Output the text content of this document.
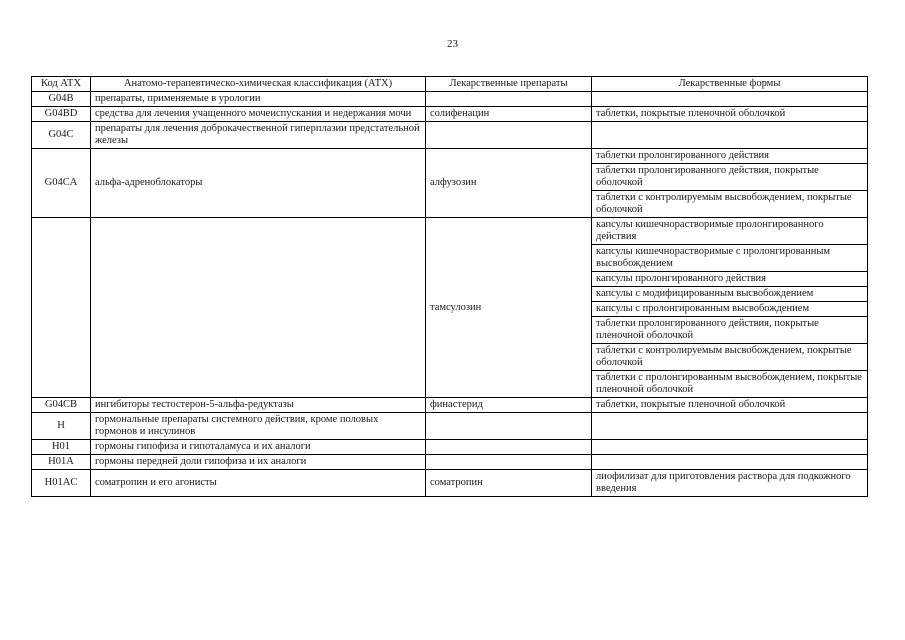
23
Код АТХ	Анатомо-терапевтическо-химическая классификация (АТХ)	Лекарственные препараты	Лекарственные формы
G04B	препараты, применяемые в урологии		
G04BD	средства для лечения учащенного мочеиспускания и недержания мочи	солифенацин	таблетки, покрытые пленочной оболочкой
G04C	препараты для лечения доброкачественной гиперплазии предстательной железы		
G04CA	альфа-адреноблокаторы	алфузозин	таблетки пролонгированного действия
			таблетки пролонгированного действия, покрытые оболочкой
			таблетки с контролируемым высвобождением, покрытые оболочкой
		тамсулозин	капсулы кишечнорастворимые пролонгированного действия
			капсулы кишечнорастворимые с пролонгированным высвобождением
			капсулы пролонгированного действия
			капсулы с модифицированным высвобождением
			капсулы с пролонгированным высвобождением
			таблетки пролонгированного действия, покрытые пленочной оболочкой
			таблетки с контролируемым высвобождением, покрытые оболочкой
			таблетки с пролонгированным высвобождением, покрытые пленочной оболочкой
G04CB	ингибиторы тестостерон-5-альфа-редуктазы	финастерид	таблетки, покрытые пленочной оболочкой
H	гормональные препараты системного действия, кроме половых гормонов и инсулинов		
H01	гормоны гипофиза и гипоталамуса и их аналоги		
H01A	гормоны передней доли гипофиза и их аналоги		
H01AC	соматропин и его агонисты	соматропин	лиофилизат для приготовления раствора для подкожного введения
